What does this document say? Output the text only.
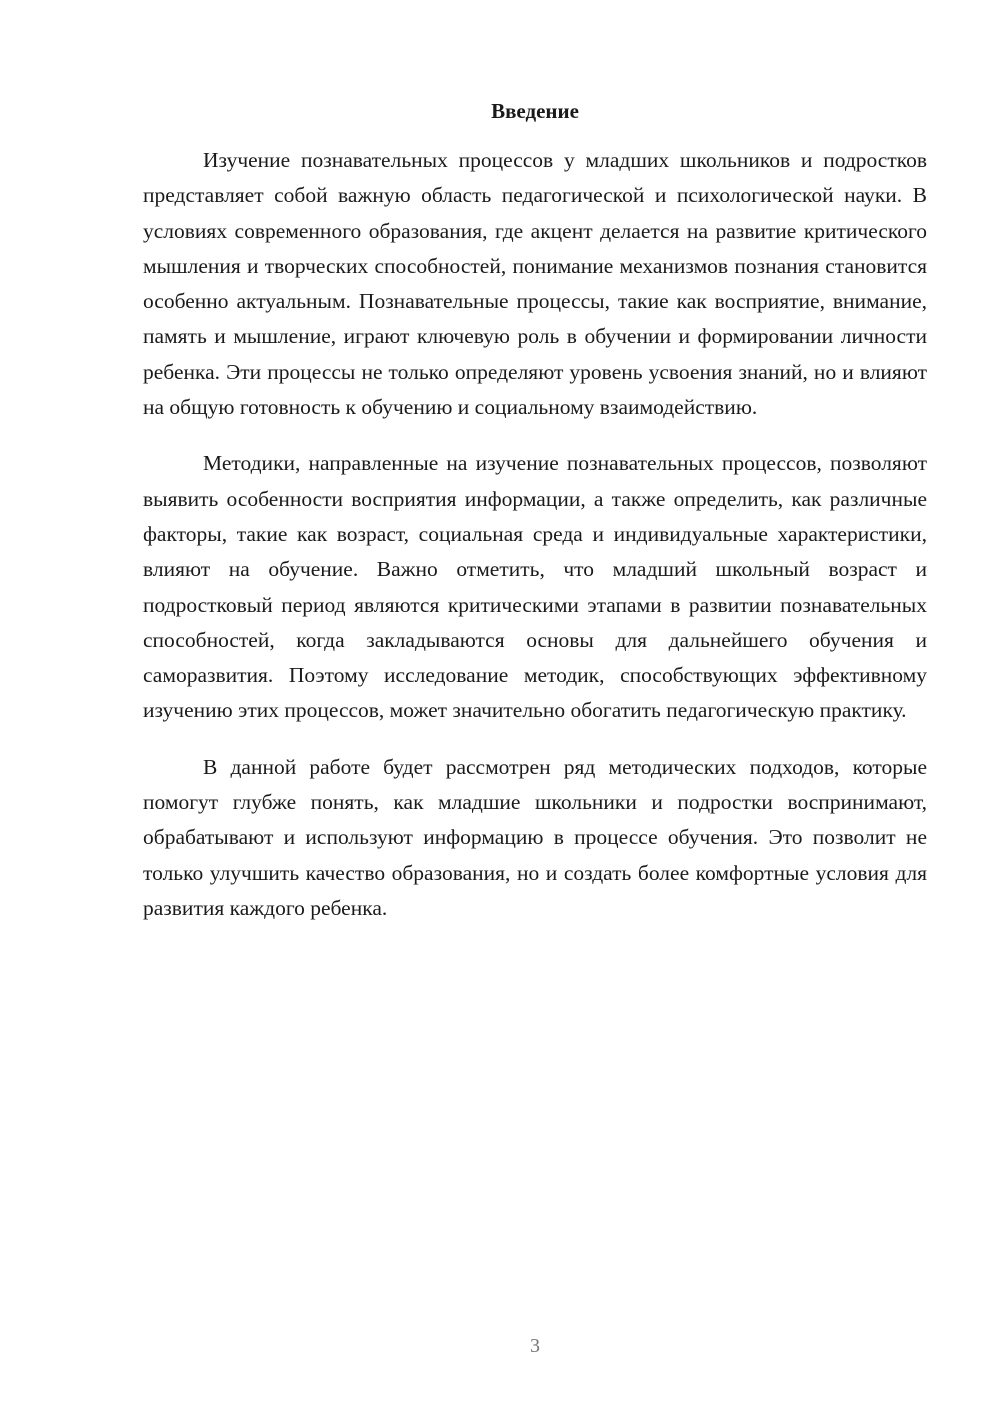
Введение

Изучение познавательных процессов у младших школьников и подростков представляет собой важную область педагогической и психологической науки. В условиях современного образования, где акцент делается на развитие критического мышления и творческих способностей, понимание механизмов познания становится особенно актуальным. Познавательные процессы, такие как восприятие, внимание, память и мышление, играют ключевую роль в обучении и формировании личности ребенка. Эти процессы не только определяют уровень усвоения знаний, но и влияют на общую готовность к обучению и социальному взаимодействию.

Методики, направленные на изучение познавательных процессов, позволяют выявить особенности восприятия информации, а также определить, как различные факторы, такие как возраст, социальная среда и индивидуальные характеристики, влияют на обучение. Важно отметить, что младший школьный возраст и подростковый период являются критическими этапами в развитии познавательных способностей, когда закладываются основы для дальнейшего обучения и саморазвития. Поэтому исследование методик, способствующих эффективному изучению этих процессов, может значительно обогатить педагогическую практику.

В данной работе будет рассмотрен ряд методических подходов, которые помогут глубже понять, как младшие школьники и подростки воспринимают, обрабатывают и используют информацию в процессе обучения. Это позволит не только улучшить качество образования, но и создать более комфортные условия для развития каждого ребенка.

3
